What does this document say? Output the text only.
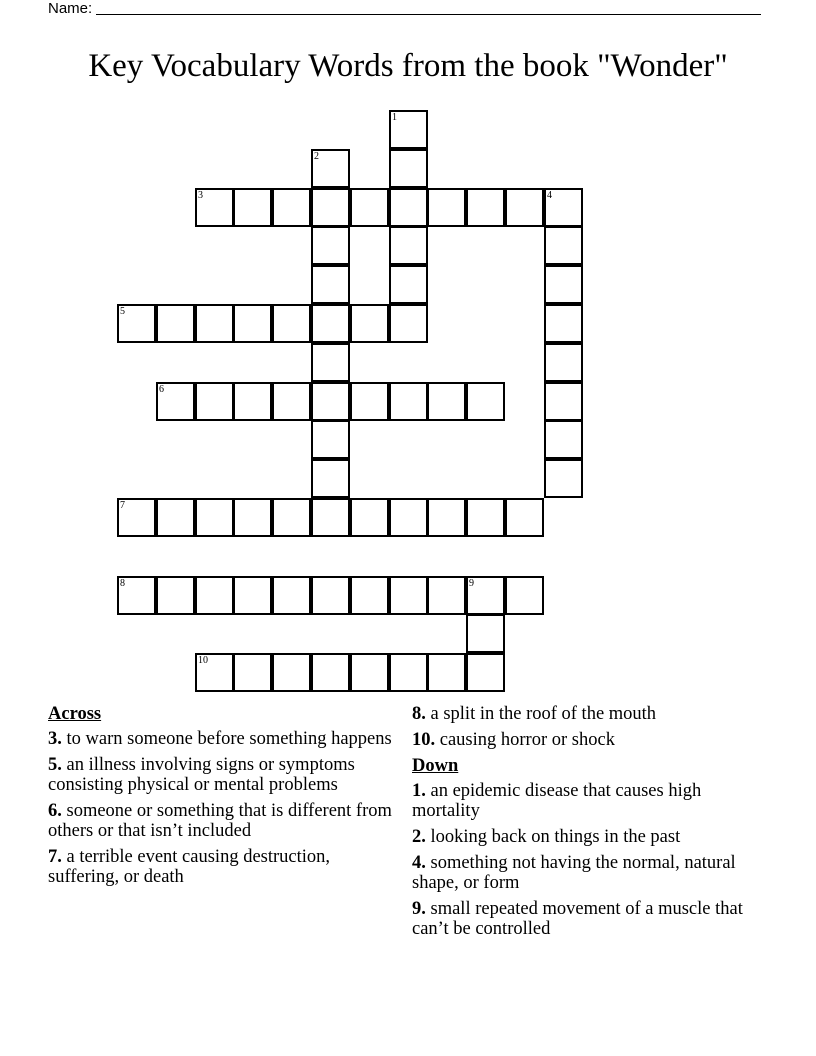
Name:
Key Vocabulary Words from the book "Wonder"
1
2
3	4
5
6
7
8	9
10
Across
3. to warn someone before something happens
5. an illness involving signs or symptoms consisting physical or mental problems
6. someone or something that is different from others or that isn’t included
7. a terrible event causing destruction, suffering, or death
8. a split in the roof of the mouth
10. causing horror or shock
Down
1. an epidemic disease that causes high mortality
2. looking back on things in the past
4. something not having the normal, natural shape, or form
9. small repeated movement of a muscle that can’t be controlled
